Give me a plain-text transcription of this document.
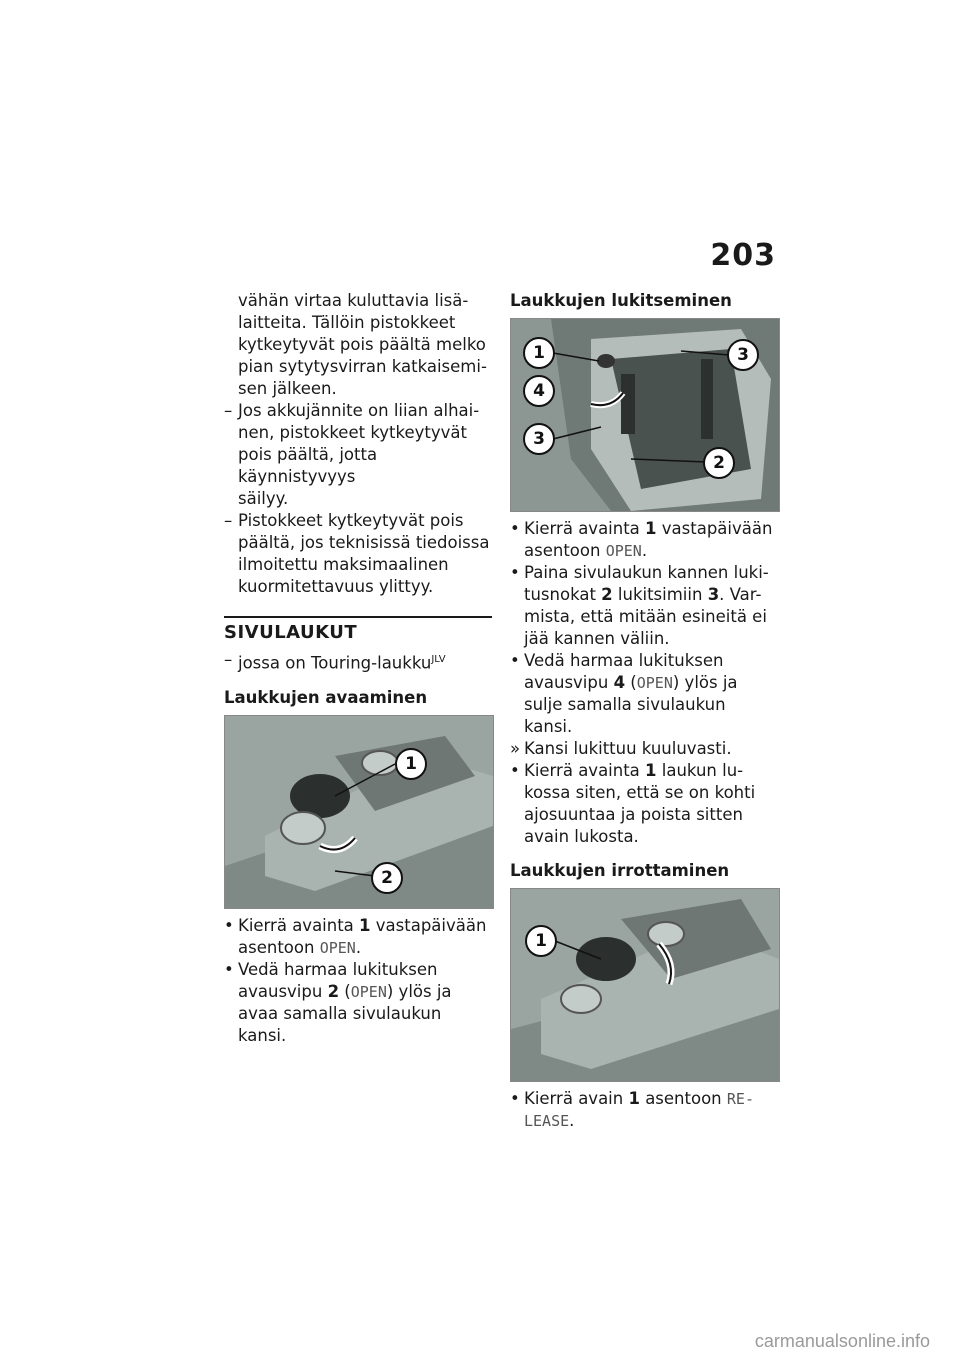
203
vähän virtaa kuluttavia lisä-
laitteita. Tällöin pistokkeet
kytkeytyvät pois päältä melko
pian sytytysvirran katkaisemi-
sen jälkeen.
– Jos akkujännite on liian alhai-
nen, pistokkeet kytkeytyvät
pois päältä, jotta käynnistyvyys
säilyy.
– Pistokkeet kytkeytyvät pois
päältä, jos teknisissä tiedoissa
ilmoitettu maksimaalinen
kuormitettavuus ylittyy.
SIVULAUKUT
– jossa on Touring-laukku$^{JLV}$
Laukkujen avaaminen
1
2
• Kierrä avainta 1 vastapäivään
asentoon OPEN.
• Vedä harmaa lukituksen
avausvipu 2 (OPEN) ylös ja
avaa samalla sivulaukun kansi.
Laukkujen lukitseminen
1	3
4
3
2
• Kierrä avainta 1 vastapäivään
asentoon OPEN.
• Paina sivulaukun kannen luki-
tusnokat 2 lukitsimiin 3. Var-
mista, että mitään esineitä ei
jää kannen väliin.
• Vedä harmaa lukituksen
avausvipu 4 (OPEN) ylös ja
sulje samalla sivulaukun kansi.
» Kansi lukittuu kuuluvasti.
• Kierrä avainta 1 laukun lu-
kossa siten, että se on kohti
ajosuuntaa ja poista sitten
avain lukosta.
Laukkujen irrottaminen
1
• Kierrä avain 1 asentoon RE-
LEASE.
carmanualsonline.info
